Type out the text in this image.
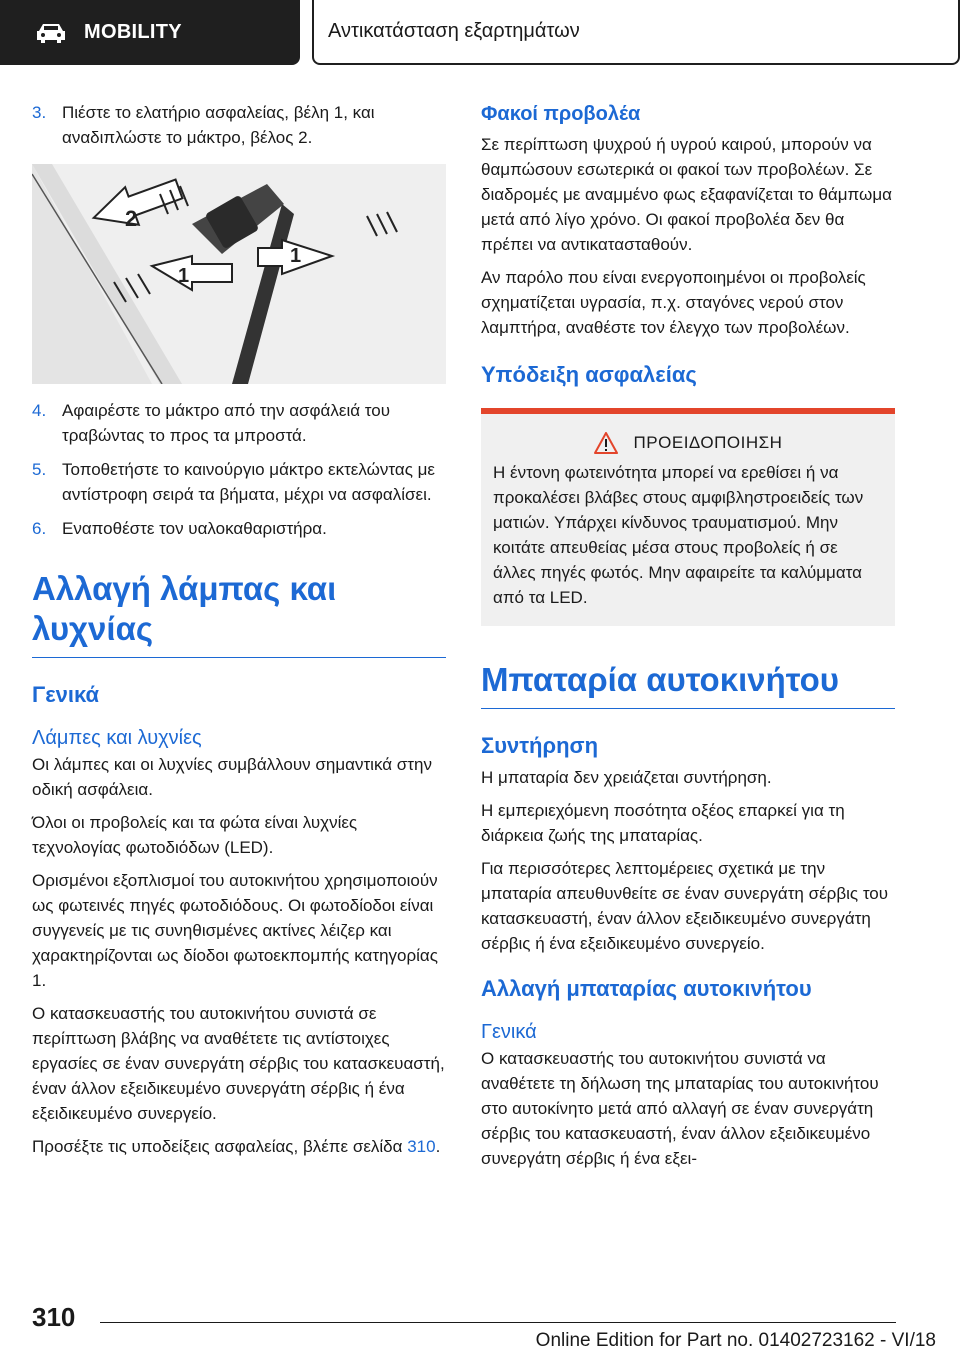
MOBILITY	Αντικατάσταση εξαρτημάτων
3. Πιέστε το ελατήριο ασφαλείας, βέλη 1, και αναδιπλώστε το μάκτρο, βέλος 2.
2
1
1
4. Αφαιρέστε το μάκτρο από την ασφάλειά του τραβώντας το προς τα μπροστά.
5. Τοποθετήστε το καινούργιο μάκτρο εκτελώντας με αντίστροφη σειρά τα βήματα, μέχρι να ασφαλίσει.
6. Εναποθέστε τον υαλοκαθαριστήρα.
Αλλαγή λάμπας και λυχνίας
Γενικά
Λάμπες και λυχνίες

Οι λάμπες και οι λυχνίες συμβάλλουν σημαντικά στην οδική ασφάλεια.

Όλοι οι προβολείς και τα φώτα είναι λυχνίες τεχνολογίας φωτοδιόδων (LED).

Ορισμένοι εξοπλισμοί του αυτοκινήτου χρησιμοποιούν ως φωτεινές πηγές φωτοδιόδους. Οι φωτοδίοδοι είναι συγγενείς με τις συνηθισμένες ακτίνες λέιζερ και χαρακτηρίζονται ως δίοδοι φωτοεκπομπής κατηγορίας 1.

Ο κατασκευαστής του αυτοκινήτου συνιστά σε περίπτωση βλάβης να αναθέτετε τις αντίστοιχες εργασίες σε έναν συνεργάτη σέρβις του κατασκευαστή, έναν άλλον εξειδικευμένο συνεργάτη σέρβις ή ένα εξειδικευμένο συνεργείο.

Προσέξτε τις υποδείξεις ασφαλείας, βλέπε σελίδα 310.

Φακοί προβολέα

Σε περίπτωση ψυχρού ή υγρού καιρού, μπορούν να θαμπώσουν εσωτερικά οι φακοί των προβολέων. Σε διαδρομές με αναμμένο φως εξαφανίζεται το θάμπωμα μετά από λίγο χρόνο. Οι φακοί προβολέα δεν θα πρέπει να αντικατασταθούν.

Αν παρόλο που είναι ενεργοποιημένοι οι προβολείς σχηματίζεται υγρασία, π.χ. σταγόνες νερού στον λαμπτήρα, αναθέστε τον έλεγχο των προβολέων.

Υπόδειξη ασφαλείας
ΠΡΟΕΙΔΟΠΟΙΗΣΗ

Η έντονη φωτεινότητα μπορεί να ερεθίσει ή να προκαλέσει βλάβες στους αμφιβληστροειδείς των ματιών. Υπάρχει κίνδυνος τραυματισμού. Μην κοιτάτε απευθείας μέσα στους προβολείς ή σε άλλες πηγές φωτός. Μην αφαιρείτε τα καλύμματα από τα LED.

Μπαταρία αυτοκινήτου
Συντήρηση

Η μπαταρία δεν χρειάζεται συντήρηση.

Η εμπεριεχόμενη ποσότητα οξέος επαρκεί για τη διάρκεια ζωής της μπαταρίας.

Για περισσότερες λεπτομέρειες σχετικά με την μπαταρία απευθυνθείτε σε έναν συνεργάτη σέρβις του κατασκευαστή, έναν άλλον εξειδικευμένο συνεργάτη σέρβις ή ένα εξειδικευμένο συνεργείο.

Αλλαγή μπαταρίας αυτοκινήτου
Γενικά

Ο κατασκευαστής του αυτοκινήτου συνιστά να αναθέτετε τη δήλωση της μπαταρίας του αυτοκινήτου στο αυτοκίνητο μετά από αλλαγή σε έναν συνεργάτη σέρβις του κατασκευαστή, έναν άλλον εξειδικευμένο συνεργάτη σέρβις ή ένα εξει-

310
Online Edition for Part no. 01402723162 - VI/18
